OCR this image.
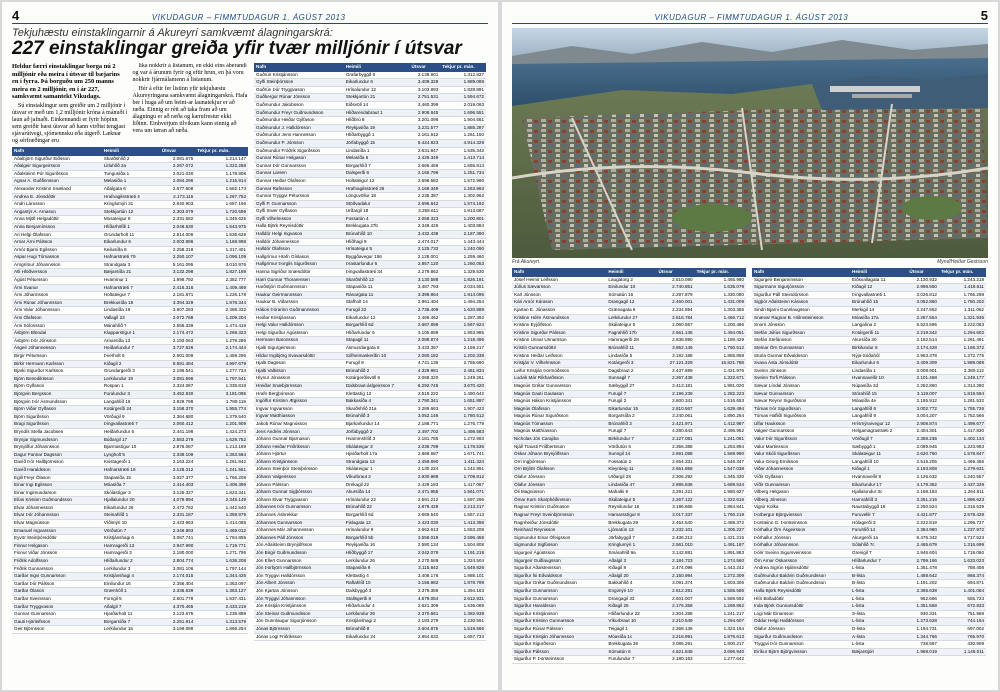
4	VIKUDAGUR – FIMMTUDAGUR 1. ÁGÚST 2013
Tekjuhæstu einstaklingarnir á Akureyri samkvæmt álagningarskrá:
227 einstaklingar greiða yfir tvær milljónir í útsvar

Heldur færri einstaklingar borga nú 2 milljónir eða meira í útsvar til bæjarins en í fyrra. Þá borguðu um 250 manns meira en 2 milljónir, en í ár 227, samkvæmt samantekt Vikudags.

Sú einstaklingur sem greiðir um 2 milljónir í útsvar er með um 1,2 milljónir króna á mánuði í laun að jafnaði. Einkennandi er fyrir hópinn sem greiðir hæst útsvar að hann virðist tengjast sjávarútvegi, sjómennsku eða útgerð. Læknar og sérfræðingar eru

líka nokkrir á listanum, en ekki eins áberandi og var á árunum fyrir og eftir hrun, en þá voru nokkrir fjármálamenn á listanum.

Hér á eftir fer listinn yfir tekjuhæstu Akureyringana samkvæmt álagningarskrá. Hafa ber í huga að um beint-ar launatekjur er að ræða. Einnig er rétt að taka fram að um álagningu er að ræða og kærufrestur ekki liðinn. Einhverjum tilvikum kann einnig að vera um tæran að ræða.

Nafn	Heimili	Útsvar	Tekjur pr. mán.
Aðalbjörn Sigurður Eiðsson	Skarðshlíð 2	2.081.675	1.214.147
Aðalgeir Sigurgeirsson	Litluhlíð 2a	2.267.072	1.322.288
Aðalsteinn Pór Sigurðsson	Tungusíða 1	2.021.030	1.178.908
Agnar A. Guðfinnsson	Melasíða 1	2.084.296	1.215.914
Alexander Kristinn Snæland	Aðalgata 6	2.677.608	1.562.173
Andrea E. Jónsdóttir	Hrafnagilsstræti 4	2.173.115	1.267.752
Andri Lárusson	Kringlumýri 31	2.840.903	1.657.166
Angantýr A. Arnason	Stekkjartún 12	2.303.079	1.720.599
Anna Mjöll Helgadóttir	Mosateigur 9	2.331.582	1.349.625
Anna Benjamínsson	Hlíðarhöfði 1	2.048.530	1.543.975
Ari Helgi Ólafsson	Grundarholt 11	2.814.006	1.536.628
Arnar Árni Pálsson	Eikarlundur 6	2.003.996	1.168.998
Arnór Bjarni Egilsson	Keilusíða 8	2.258.318	1.317.401
Aspar Hugi Tómasson	Hafnarstræti 79	2.250.107	1.096.109
Arngrímur Jóhannsson	Strandgata 3	5.161.095	3.010.976
Atli Hlöðversson	Bæjarsíða 21	3.132.298	1.827.189
Ágúst Pétursson	Hvammur 1	1.998.792	2.352.777
Árni Svanur	Hafnarstræti 7	2.416.316	1.409.469
Árni Jóhannsson	Holtateigur 7	2.181.871	1.226.178
Árni Rúnar Jóhannsson	Brekkusíða 18	3.394.329	1.978.344
Árni Valur Jóhannsson	Lindasíða 19	3.907.283	2.388.332
Árni Ólafsson	Vallagil 23	2.072.788	1.209.204
Árni Sólonsson	Mánahlíð 7	2.556.339	1.474.419
Ásbjörn Blöndal	Klapparstígur 1	2.174.472	1.268.323
Ásbjörn Þór Jónsson	Arnarsíða 13	2.193.063	1.279.286
Ásgeir Jóhannesson	Heiðarlundur 7	3.727.626	2.174.444
Birgir Pétursson	Þverholt 6	2.501.009	1.459.296
Birkir Hermann Karlsson	Kiðagil 2	8.591.484	4.997.679
Bjarki Sigurður Karlsson	Grundargerði 3	2.196.541	1.277.734
Björn Benediktsson	Lerkilundur 19	3.081.596	1.797.541
Björn Gylfason	Rospan 1	2.324.087	1.335.818
Björgvin Bergsson	Furulundur 3	3.452.930	3.181.095
Björgvin Þór Ásmundsson	Langahlíð 16	2.829.798	1.789.119
Björn Viðar Gylfason	Kotárgerði 24	3.158.370	1.955.774
Björn Sigurðsson	Vörðugil 9	2.364.680	1.379.540
Bragi Sigurðsson	Þingvallastræti 7	2.060.412	1.201.909
Bryndís Stella Jacobsen	Heiðarlundur 6	2.441.198	1.424.273
Brynjar Sigmundsson	Búðargil 17	2.583.279	1.629.752
Brynjólfur Jóhannsson	Bjarmastígur 10	2.876.087	1.213.189
Dagur Fannar Dagsson	Lyngholt 5	2.338.109	1.363.584
Davíð Þór Hallbjörnsson	Kvistagerði 1	2.163.224	1.261.942
Davíð Haraldsson	Hafnarstræti 18	2.128.312	1.241.551
Egill Freyr Ólason	Stapasíða 15	3.027.377	1.766.208
Einar Ingi Egilsson	Móasíða 7	2.414.403	1.408.399
Einar Ingimundarson	Skólastígur 3	3.125.327	1.823.341
Elías Kristinn Guðmundsson	Hjallalundur 20	4.079.994	2.348.149
Elvar Jóhannesson	Eikarlundur 26	2.472.782	1.442.540
Elvar Þór Jóhannsson	Steinahlíð 1	2.331.187	1.359.979
Elvar Magnússon	Víðimýri 10	2.423.963	1.414.085
Emanuel Ingvarsson	Vörðutún 7	2.346.893	1.469.012
Eyvör Steinþórsdóttir	Kristjánshagi 6	3.067.741	1.784.855
Finnur Helgason	Hamragerði 13	2.947.990	1.719.771
Finnur Viðar Jónsson	Hamragerði 3	2.180.000	1.271.795
Friðrik Adolfsson	Hlíðarlundur 2	2.804.774	1.636.208
Friðrik Gunnarsson	Lerkilundur 3	3.081.106	1.797.144
Garðar Ingvi Gunnarsson	Kristjánshagi 4	2.174.015	1.344.426
Garðar Þór Pálsson	Einilundur 16	2.356.404	1.363.097
Garðar Ólason	Grænhóll 1	2.336.639	1.363.127
Garðar Sveinsson	Forngil 5	2.601.778	1.537.431
Garðar Tryggvason	Aðalgil 7	4.370.465	2.433.219
Gunnar Gunnarsson	Hjarðarholt 11	2.123.675	1.238.889
Gauti Hjörleifsson	Borgarsíða 7	2.251.914	1.313.579
Geir Björnsson	Lerkilundur 15	3.199.088	1.866.254
Nafn	Heimili	Útsvar	Tekjur pr. mán.
Guðrún Kristjánsson	Grafarbyggð 6	2.138.901	1.312.827
Gylfi Steinþórsson	Eikarlundur 6	3.409.329	1.989.088
Guðrún Þór Tryggvason	Hrísalundur 12	3.103.893	1.828.891
Guðbergur Rúnar Jónsson	Stekkjartún 21	2.751.531	1.594.672
Guðmundur Jakobsson	Eiðsvöll 14	3.460.399	2.019.063
Guðmundur Freyr Guðmundsson	Hlíðarendabraut 1	2.908.845	1.696.551
Guðmundur Heiðar Gylfason	Hlíðbrú 8	3.201.096	1.904.561
Guðmundur J. Halldórsson	Reykjasíða 19	3.231.577	1.885.287
Guðmundur Jens Hannesson	Hlíðarbyggð 1	2.161.912	1.261.150
Guðmundur P. Jónsson	Jörfabyggð 15	8.424.823	4.914.329
Guðmundur Fróðrik Sigurðsson	Lindasíða 1	2.631.847	1.535.342
Gunnar Rúnar Helgason	Melasíða 6	2.425.349	1.413.714
Gunnar Þór Gunnarsson	Borgarhlíð 7	2.666.466	1.555.813
Gunnar Larsen	Dalsgerði 6	2.165.796	1.251.734
Gunnar Heiðar Ólafsson	Holtateigur 12	2.696.582	1.572.990
Gunnar Rafnsson	Hrafnagilsstræti 25	2.169.349	1.263.963
Gunnar Tryggvi Pétursson	Lönguvöllur 18	2.235.387	1.302.962
Gylfi P. Gunnarsson	Stöðvadalur	2.696.842	1.574.192
Gylfi Snær Gylfason	Urðargil 18	3.258.611	1.913.687
Gylfi Vilhelmsson	Fossatún 4	2.058.323	1.200.801
Halla Björk Reynisdóttir	Brekkugata 27b	2.348.426	1.403.884
Halldór Helgi Ingvason	Brúnahlíð 10	3.432.438	2.187.390
Halldór Jóhannesson	Hlíðhagi 9	2.474.017	1.443.444
Halldór Ólafsson	Hrísateigur 5	2.125.733	1.240.090
Hallgrímur Hrafn Gíslason	Byggðavegur 156	2.128.001	1.259.460
Hallgrímur Þorgils Sigurðsson	Þrastarlundur 6	2.857.120	1.260.053
Hanna Sigríður Snæsdóttir	Þingvallastræti 34	2.279.862	1.329.530
Harri Gunnar Thorarensen	Skarðshlíð 12	3.130.588	1.826.191
Harðstjóri Guðmannsson	Stapasíða 11	3.487.793	2.034.551
Haukur Geirmannsson	Ránargata 11	3.399.864	1.914.096
Haukur B. Viðarsson	Stafholt 14	2.961.404	1.494.254
Hákon Þórarinn Guðmannsson	Furugil 22	2.736.409	1.620.889
Heiðar Kristjánsson	Eikarlundur 12	2.469.462	1.287.392
Helgi Valur Halldórsson	Borgarhlíð 6d	2.667.698	1.567.924
Helgi Sigurður Ágústsson	Hlíðarlundur 6	3.105.689	1.953.985
Hermann Baronsson	Stapagil 11	2.088.874	1.218.496
Hjalti Sigurgeirsson	Ásmundargata 8	3.433.367	2.159.217
Hildur Ingibjörg Svavarsdóttir	Sólheimaskerðin 10	2.060.182	1.202.338
Hjalti Dagsson	Furugil 9	4.741.136	2.765.690
Hjalti Valtisson	Brúnahlíð 2	4.329.981	2.461.834
Hlynur Jónasson	Kotárgerðisvöll 6	2.068.320	1.249.261
Hreiðar Snæbjörnsson	Dalsbraut-áslgeirsson 7	6.292.746	3.670.420
Hrafn Bergþórsson	Klettastíg 12	2.518.222	1.490.642
Ingólfur Kristinn Ægisson	Bakkasíða 4	2.790.341	1.651.897
Ingvar Ingvarsson	Skarðshlíð 21a	3.289.663	1.907.423
Ingvar Matthíasson	Brúnahlíð 3	3.052.146	1.780.512
Jakob Rúnar Magnússon	Bjarkarlundur 14	2.188.771	1.276.779
Jens Andrés Jónsson	Jörfabyggð 2	2.497.702	1.498.583
Jóhann Gunnar Bjarnason	Hvammshlíð 3	2.181.785	1.272.993
Jóhann Heiðar Friðriksson	Skálateigur 3	2.036.799	1.178.536
Jóhann Hjörtur	Hjarðarholt 17a	2.868.687	1.671.741
Jóhann Kristjánsson	Strandgata 13	2.459.690	1.411.324
Jóhann Steinþór Steinþórsson	Skálateigur 1	2.130.224	1.242.891
Jóhann Valgeirsson	Víkurbraut 2	2.930.988	1.709.812
Jóhann Pálsson	Drekagil 22	2.429.183	1.417.087
Jóhann Gunnar Sigþórsson	Akursíða 14	2.471.955	1.561.071
Jóhann Elvar Tryggvason	Hrísalundur 22	2.591.212	1.597.296
Jóhannes Þór Gunnarsson	Brúnahlíð 22	2.879.428	2.213.217
Jóhannes Ásbrekkur	Borgarhlíð 6d	2.669.540	1.557.213
Jóhannes Gunnarsson	Fislagata 12	2.423.030	1.413.398
Jóhannes Már Jóhannesson	Hrísalundur 8	2.662.613	1.553.208
Jóhannes Páll Jónsson	Borgarhlíð 5b	3.558.019	2.596.459
Jón Aðalsteinn Brynjólfsson	Reykjasíða 16	2.580.134	1.504.808
Jón Birgir Guðmundsson	Hlíðbyggð 17	2.042.079	1.191.219
Jón Ellert Gunnarsson	Lerkilundur 26	2.270.589	1.324.504
Jón Þorbjörn Hallbjörnsson	Stapasíða 9	3.115.842	1.549.828
Jón Tryggvi Halldórsson	Klettastíg 4	3.408.176	1.988.101
Jón Albert Jónsson	Raftahlíð 10	3.156.982	1.878.799
Jón Kjartan Jónsson	Dalsbyggð 3	2.379.386	1.394.163
Jón Tryggvi Jóhannsson	Stallsgerði 8	4.679.054	2.612.931
Jón Kristján Kristjánsson	Hlíðarlundur 4	2.621.309	1.536.089
Jón Steinar Guðmundsson	Lerkilundur 26	2.370.661	1.382.939
Jón Gunnlaugur Sigurjónsson	Kristjánshagi 2	2.183.279	2.230.591
Jónas Björnsson	Brúnahlíð 8	2.604.875	1.519.566
Jónas Logi Friðriksson	Eikarlundur 24	2.854.632	1.657.733
VIKUDAGUR – FIMMTUDAGUR 1. ÁGÚST 2013	5
Frá Akureyri.	Mynd/Heiðar Gestsson
Nafn	Heimili	Útsvar	Tekjur pr. mán.
Jósef Heimir Leifsson	Laugatorg 2	2.510.090	1.465.980
Júlíus Sævarsson	Einilundur 10	2.740.851	1.635.079
Karl Jónsson	Sómatún 16	2.297.879	1.330.080
Kári Arnór Kárason	Drangagil 12	2.460.001	1.431.009
Kjartan E. Jónasson	Grænagata 6	2.234.894	1.303.355
Kristinn Hólm Ásmundsson	Lerkilundur 27	2.516.784	1.466.712
Kristinn Eyjólfsson	Skálateigur 5	2.060.557	1.200.486
Kristinn Sigurður Pálsson	Fagrahlíð 17b	2.561.135	1.494.051
Kristinn Unnar Unnarsson	Hamragerði 28	2.838.890	1.189.429
Kristín Gunnarsdóttir	Brúnahlíð 11	3.852.146	1.760.512
Kristinn Heiðar Leifsson	Lindasíða 5	3.182.188	1.855.859
Kristján V. Vilhelmsson	Kotárgerði 3	27.121.329	15.821.788
Leifur Kristján Þormóðsson	Dagsbraut 2	2.437.699	1.421.976
Ludvik Már Ríkharðsson	Sunnagil 7	2.267.438	1.322.671
Magnús Grétar Gunnarsson	Sæbyggð 27	3.413.181	1.991.020
Magnús Gauti Gautason	Furugil 7	2.196.239	1.282.223
Magnús Hákon Kristjánsson	Furugil 2	2.600.341	1.516.653
Magnús Ólafsson	Eikarlundur 15	2.810.567	1.639.494
Magnús Rúnar Sigurðsson	Borgarsíða 2	3.240.061	1.890.264
Magnús Tómasson	Brúnahlíð 2	2.421.971	1.412.987
Magnús Matthíasson	Furugil 7	4.280.643	2.496.952
Nicholas Jón Carajiba	Birkilundur 7	2.127.081	1.241.081
Njáll Trausti Friðbertsson	Vörðutún 6	2.356.388	1.253.894
Óskar Jóhann Brynjólfsson	Sunngil 14	2.691.088	1.569.990
Orri Ingþórsson	Fossatún 2	2.654.331	1.548.347
Orri Brjóttr Ólafsson	Kleyrdeig 11	2.651.858	1.547.038
Ólafur Jónsson	Urðargil 28	2.306.292	1.345.330
Ólafur Jónsson	Lindasíða 47	2.895.836	1.689.534
Óli Magnússon	Mahalki 9	3.291.221	1.980.627
Ómar Karn Skarphéðinsson	Skálateigur 5	2.267.122	1.322.616
Ragnar Kristinn Guðmason	Reynilundur 15	3.196.666	1.864.841
Ragnar Freyr Sveinbjörnsson	Hamarsstígur 8	3.017.337	1.760.219
Ragnheiður Jónsdóttir	Brekkugata 29	2.454.540	1.488.372
Reinhard Reynisson	Ljómatún 13	2.232.101	1.306.227
Sigmundur Einar Ófeigsson	Jörfabyggð 7	2.436.212	1.421.215
Sigmundur Sigfússon	Kringlumýri 1	2.561.010	1.491.187
Sigurgeir Ágústsson	Smárahlíð 9a	3.142.881	1.891.883
Sigurgeir Guðlaugsson	Aðalgil 3	2.184.723	1.274.560
Sigurður Aðalsteinsson	Kiðagil 8	2.474.096	1.443.242
Sigurður Ísi Eðvaldsson	Aðalgil 20	2.150.994	1.272.309
Sigurður Grétar Guðmundsson	Bakkahlíð 4	3.091.374	1.803.306
Sigurður Gunnarsson	Engimýri 10	2.612.291	1.555.586
Sigurður Gunnarsson	Drangagil 33	2.601.007	1.589.592
Sigurður Haraldsson	Kiðagil 25	2.176.358	1.269.862
Sigurður Kristjánsson	Hlíðarlundur 22	2.304.288	1.241.217
Sigurður Kristinn Gunnarsson	Víkurbraut 10	2.210.549	1.294.607
Sigurður Rúnar Pálsson	Teigagil 1	2.268.136	1.323.164
Sigurður Kristján Jóhannsson	Móasíða 1c	3.216.991	1.876.613
Sigurður Sigurðsson	Brekkugata 36	3.085.291	1.800.217
Sigurður Pálsson	Sómatún 6	4.621.845	2.696.940
Sigurður P. Þorsteinsson	Furulundur 7	2.180.153	1.277.642
Nafn	Heimili	Útsvar	Tekjur pr. mán.
Sigurgeir Benjamínsson	Eiðsvallagata 11	2.130.932	1.243.218
Sigurmann Sigurjónsson	Kiðagil 12	2.998.550	1.416.611
Sigurður Páll Steindórsson	Þingvallastræti 1	3.026.812	1.765.298
Sigþór Aðalsteinn Kárason	Brúnahlíð 15	3.052.860	1.780.202
Sindri Bjarni Gunnlaugsson	Merkigil 14	2.247.562	1.311.062
Snævar Ragnar B. Hólmsteinsson	Móasíða 17a	2.267.554	1.321.935
Snorri Jónsson	Langalína 2	5.523.595	3.222.083
Stefán Júlíus Sigurðsson	Kotárgerði 11	2.219.342	1.294.602
Stefán Stefánsson	Akursíða 30	2.162.514	1.261.491
Steinar Örn Gunnarsson	Birkilundur 6	2.174.428	1.168.372
Sturla Gunnar Eðvaldsson	Nýja-Sóðahól	2.953.378	1.372.775
Svava Ásta Jónsdóttir	Eikarlundur 6	3.409.309	1.989.088
Sveinn Jónsson	Lindasíða 1	3.008.901	3.380.112
Sveinn Torfi Pálsson	Hvannavellir 10	2.101.468	1.249.177
Sævar Líndal Jónsson	Núpasíða 2d	2.252.860	1.314.280
Sævar Gunnarsson	Stórahlíð 15	3.119.007	1.819.594
Sævar Reynir Sigurðsson	Móasíða 4e	2.165.912	1.261.532
Tómas Þór Sigurðsson	Langahlíð 6	3.002.772	1.755.726
Tómas Hafliði Sigurðsson	Langahlíð 9	3.004.207	1.752.566
Ulfar Hauksson	Hrísmýrarvegur 12	2.908.874	1.499.677
Valgeir Gunnarsson	Helgamagrastræti 2	2.404.301	1.417.830
Valur Þór Sigurðsson	Vörðugil 7	2.358.235	1.402.134
Valur Martinsson	Sæbyggð 1	2.089.945	1.223.993
Valur Skúli Sigurðsson	Skálateigur 11	2.620.760	1.578.847
Valur Georg Emilsson	Langahlíð 10	2.515.205	1.469.455
Viðar Jóhannesson	Kiðagil 1	2.193.808	1.279.631
Víðir Gylfason	Hvannavellir 8	2.126.632	1.240.557
Víðir Gunnarsson	Eikarlundur 17	4.178.352	2.437.329
Vilberg Helgason	Hjallalundur 3c	2.168.183	1.264.811
Vilberg Jónsson	Hamrahlíð 3	3.251.215	1.896.623
Vignir Kolka	Naustabyggð 18	2.250.524	1.316.539
Þorbergur Björgvinsson	Furuvellir 7	4.421.877	2.579.429
Þorsteinn G. Þorsteinsson	Hólagerði 3	2.222.819	1.296.727
Þórhallur Örn Ásgeirsson	Furuhlíð 14	2.384.980	1.237.972
Þórhallur Jónsson	Akurgerði 1a	8.475.342	4.717.523
Þórhallur Jóhannsson	Sólahlíð 7c	2.465.679	1.316.699
Þórir Sveinn Sigursveinsson	Grenigil 7	2.946.604	1.719.060
Örn Arnar Óskarsson	Hlíðarlundur 7	2.799.166	1.633.023
Andrea Sigrún Hjálmsdóttir	L-lista	1.351.478	788.408
Guðmundur Baldvin Guðmundsson	B-lista	1.488.642	868.374
Guðmundur Baldvin Guðmundsson	B-lista	1.191.202	694.871
Halla Björk Reynisdóttir	L-lista	2.365.638	1.401.084
Hlín Bolladóttir	L-lista	952.666	555.723
Inda Björk Gunnarsdóttir	L-lista	1.351.558	672.833
Logi Már Einarsson	S-lista	930.331	751.968
Oddur Helgi Halldórsson	L-lista	1.273.628	744.164
Ólafur Jónsson	D-lista	1.194.731	697.002
Sigurður Guðmundsson	A-lista	1.344.766	765.970
Tryggvi Þór Gunnarsson	L-lista	738.687	430.909
Eiríkur Björn Björgvinsson	Bæjarstjóri	1.968.019	1.148.011
